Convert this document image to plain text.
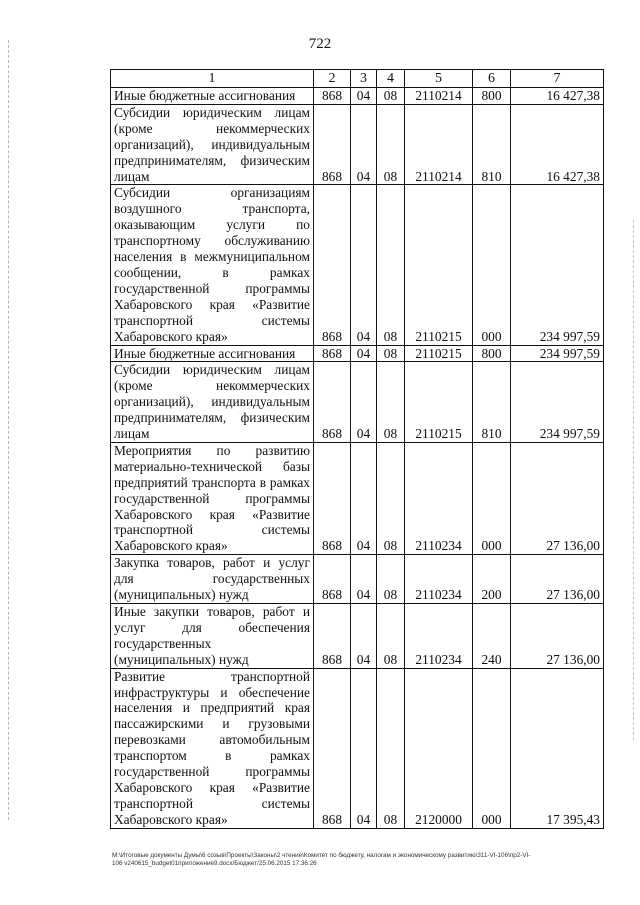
722
1	2	3	4	5	6	7
Иные бюджетные ассигнования	868	04	08	2110214	800	16 427,38
Субсидии юридическим лицам (кроме некоммерческих организаций), индивидуальным предпринимателям, физическим лицам	868	04	08	2110214	810	16 427,38
Субсидии организациям воздушного транспорта, оказывающим услуги по транспортному обслуживанию населения в межмуниципальном сообщении, в рамках государственной программы Хабаровского края «Развитие транспортной системы Хабаровского края»	868	04	08	2110215	000	234 997,59
Иные бюджетные ассигнования	868	04	08	2110215	800	234 997,59
Субсидии юридическим лицам (кроме некоммерческих организаций), индивидуальным предпринимателям, физическим лицам	868	04	08	2110215	810	234 997,59
Мероприятия по развитию материально-технической базы предприятий транспорта в рамках государственной программы Хабаровского края «Развитие транспортной системы Хабаровского края»	868	04	08	2110234	000	27 136,00
Закупка товаров, работ и услуг для государственных (муниципальных) нужд	868	04	08	2110234	200	27 136,00
Иные закупки товаров, работ и услуг для обеспечения государственных (муниципальных) нужд	868	04	08	2110234	240	27 136,00
Развитие транспортной инфраструктуры и обеспечение населения и предприятий края пассажирскими и грузовыми перевозками автомобильным транспортом в рамках государственной программы Хабаровского края «Развитие транспортной системы Хабаровского края»	868	04	08	2120000	000	17 395,43
M:\Итоговые документы Думы\6 созыв\Проекты\Законы\2 чтение\Комитет по бюджету, налогам и экономическому развитию\311-VI-106\пр2-VI-
106 v240615_budget01приложение9.docx/Бюджет/25.06.2015 17:36:26
